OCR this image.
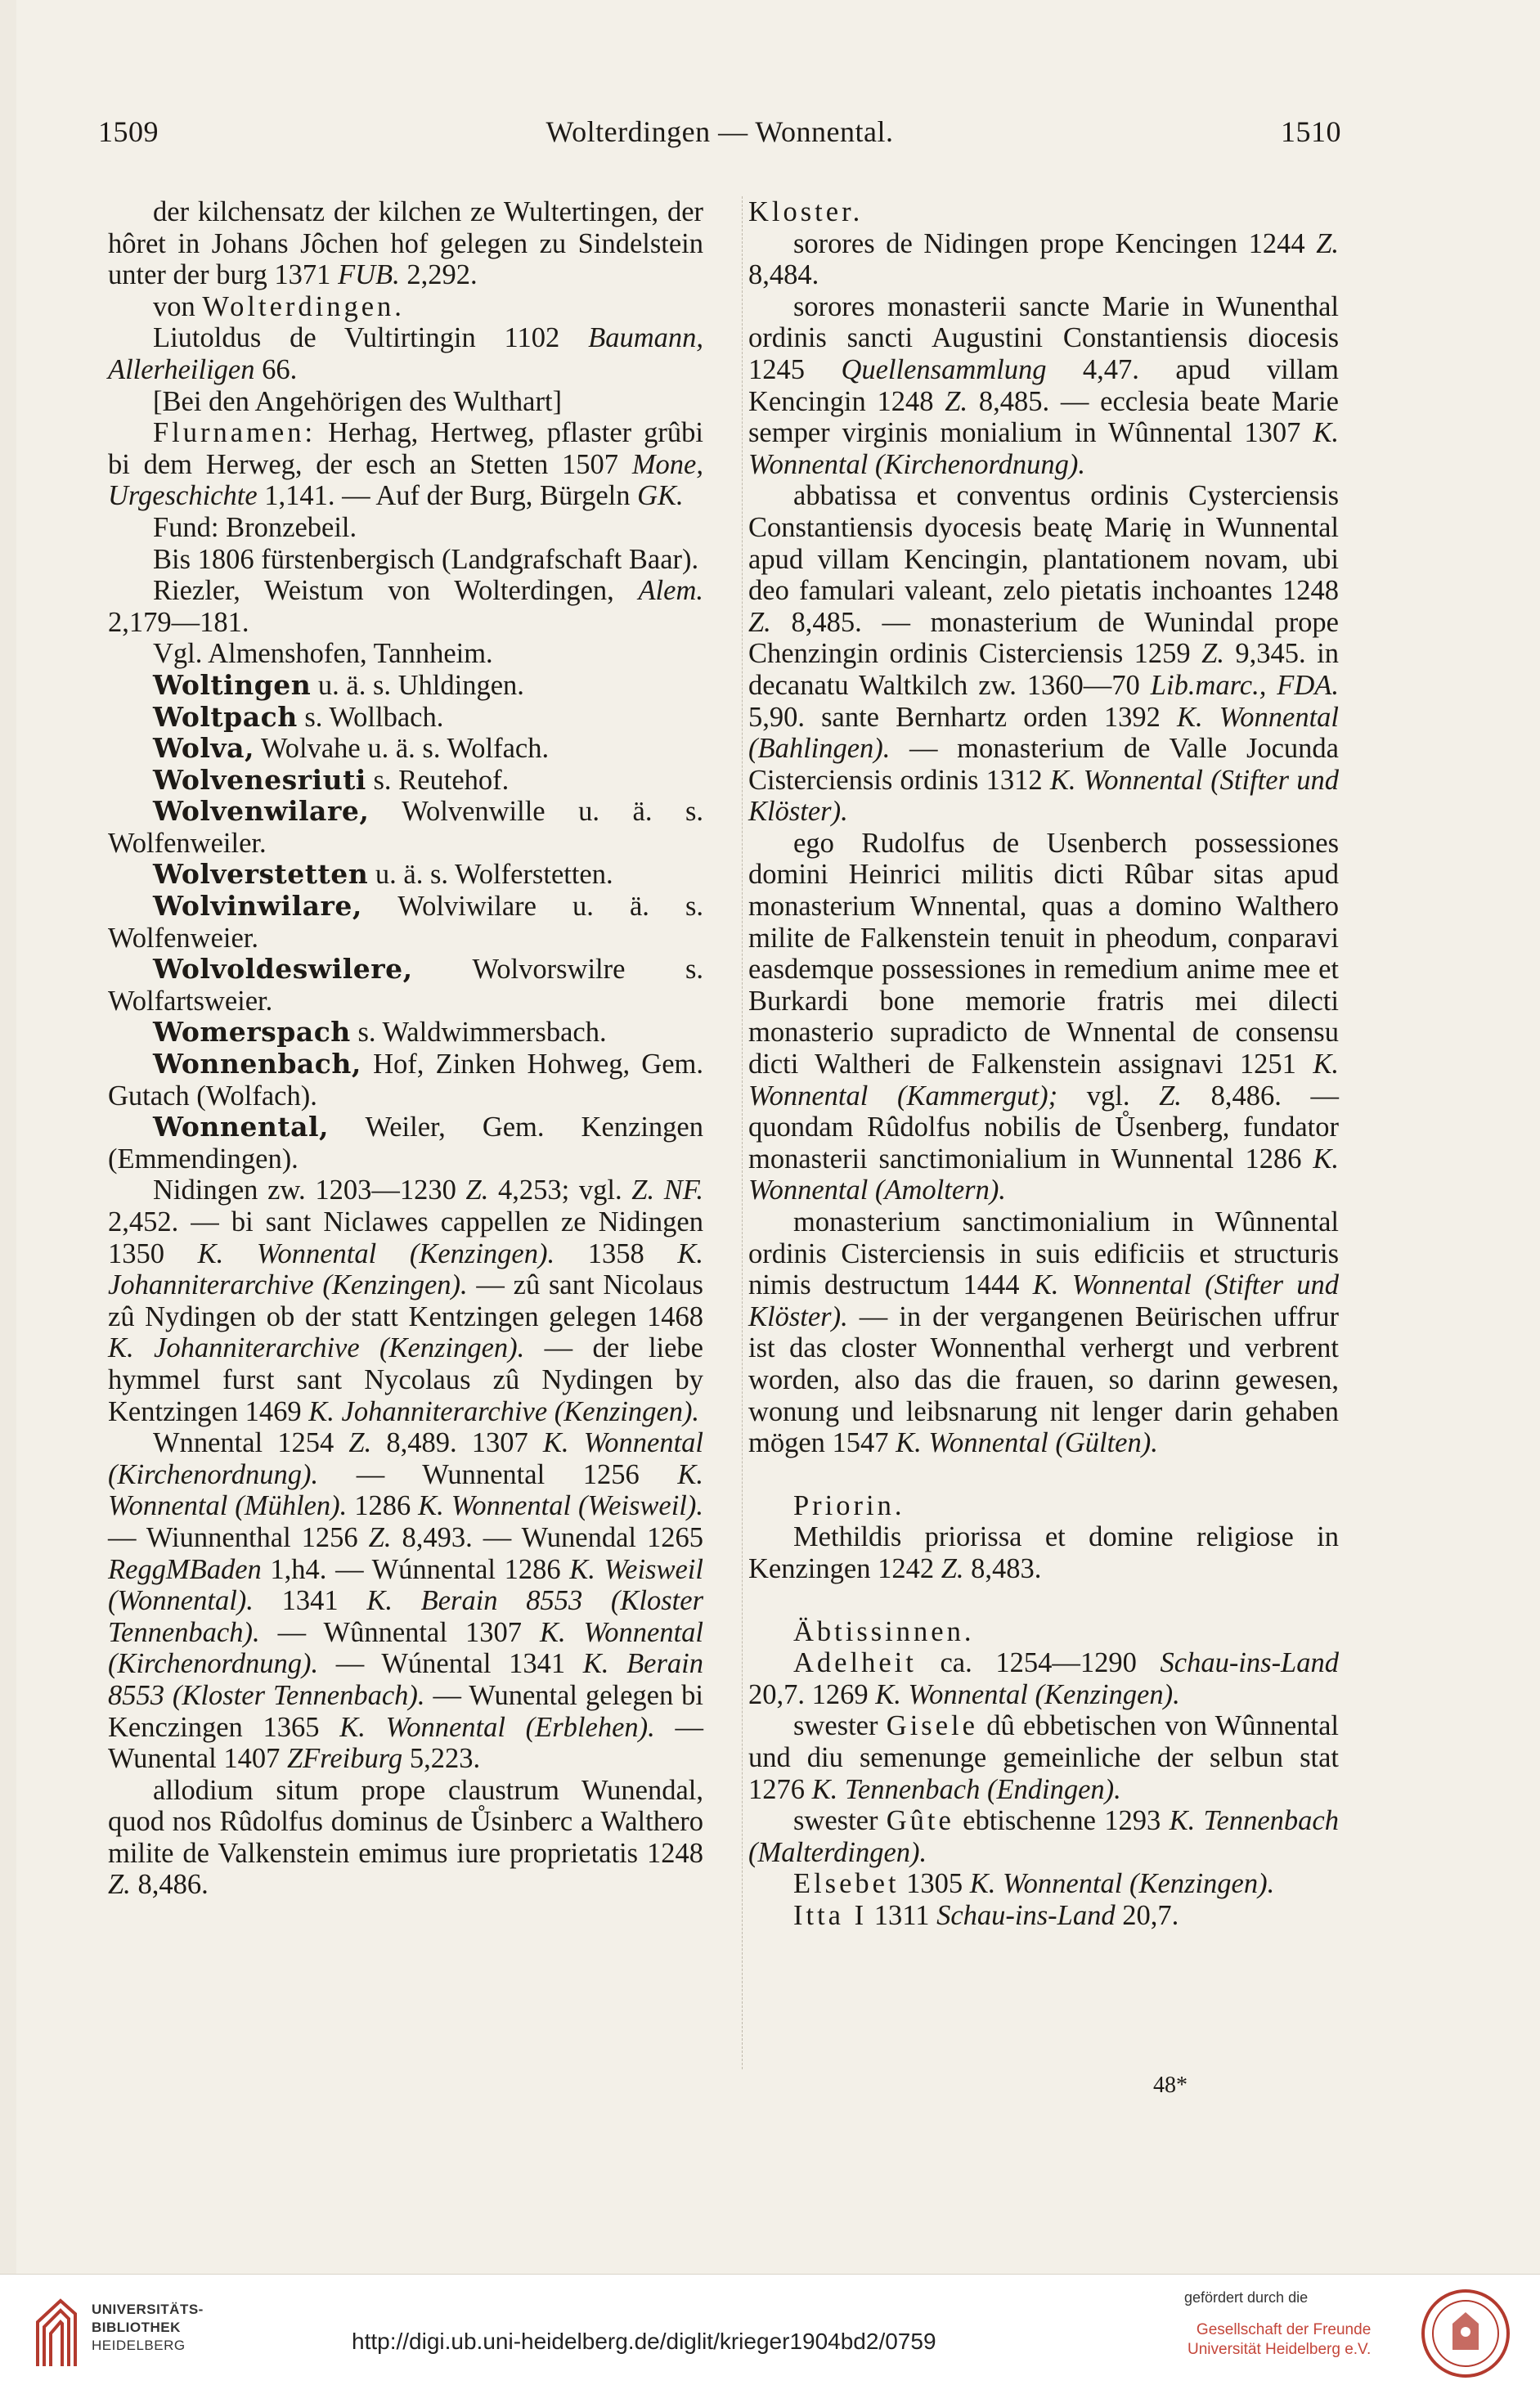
1509	Wolterdingen — Wonnental.	1510

der kilchensatz der kilchen ze Wultertingen, der hôret in Johans Jôchen hof gelegen zu Sindelstein unter der burg 1371 FUB. 2,292.

von Wolterdingen.

Liutoldus de Vultirtingin 1102 Baumann, Allerheiligen 66.

[Bei den Angehörigen des Wulthart]

Flurnamen: Herhag, Hertweg, pflaster grûbi bi dem Herweg, der esch an Stetten 1507 Mone, Urgeschichte 1,141. — Auf der Burg, Bürgeln GK.

Fund: Bronzebeil.

Bis 1806 fürstenbergisch (Landgrafschaft Baar).

Riezler, Weistum von Wolterdingen, Alem. 2,179—181.

Vgl. Almenshofen, Tannheim.

Woltingen u. ä. s. Uhldingen.

Woltpach s. Wollbach.

Wolva, Wolvahe u. ä. s. Wolfach.

Wolvenesriuti s. Reutehof.

Wolvenwilare, Wolvenwille u. ä. s. Wolfenweiler.

Wolverstetten u. ä. s. Wolferstetten.

Wolvinwilare, Wolviwilare u. ä. s. Wolfenweier.

Wolvoldeswilere, Wolvorswilre s. Wolfartsweier.

Womerspach s. Waldwimmersbach.

Wonnenbach, Hof, Zinken Hohweg, Gem. Gutach (Wolfach).

Wonnental, Weiler, Gem. Kenzingen (Emmendingen).

Nidingen zw. 1203—1230 Z. 4,253; vgl. Z. NF. 2,452. — bi sant Niclawes cappellen ze Nidingen 1350 K. Wonnental (Kenzingen). 1358 K. Johanniterarchive (Kenzingen). — zû sant Nicolaus zû Nydingen ob der statt Kentzingen gelegen 1468 K. Johanniterarchive (Kenzingen). — der liebe hymmel furst sant Nycolaus zû Nydingen by Kentzingen 1469 K. Johanniterarchive (Kenzingen).

Wnnental 1254 Z. 8,489. 1307 K. Wonnental (Kirchenordnung). — Wunnental 1256 K. Wonnental (Mühlen). 1286 K. Wonnental (Weisweil). — Wiunnenthal 1256 Z. 8,493. — Wunendal 1265 ReggMBaden 1,h4. — Wúnnental 1286 K. Weisweil (Wonnental). 1341 K. Berain 8553 (Kloster Tennenbach). — Wûnnental 1307 K. Wonnental (Kirchenordnung). — Wúnental 1341 K. Berain 8553 (Kloster Tennenbach). — Wunental gelegen bi Kenczingen 1365 K. Wonnental (Erblehen). — Wunental 1407 ZFreiburg 5,223.

allodium situm prope claustrum Wunendal, quod nos Rûdolfus dominus de Ůsinberc a Walthero milite de Valkenstein emimus iure proprietatis 1248 Z. 8,486.

Kloster.

sorores de Nidingen prope Kencingen 1244 Z. 8,484.

sorores monasterii sancte Marie in Wunenthal ordinis sancti Augustini Constantiensis diocesis 1245 Quellensammlung 4,47. apud villam Kencingin 1248 Z. 8,485. — ecclesia beate Marie semper virginis monialium in Wûnnental 1307 K. Wonnental (Kirchenordnung).

abbatissa et conventus ordinis Cysterciensis Constantiensis dyocesis beatę Marię in Wunnental apud villam Kencingin, plantationem novam, ubi deo famulari valeant, zelo pietatis inchoantes 1248 Z. 8,485. — monasterium de Wunindal prope Chenzingin ordinis Cisterciensis 1259 Z. 9,345. in decanatu Waltkilch zw. 1360—70 Lib.marc., FDA. 5,90. sante Bernhartz orden 1392 K. Wonnental (Bahlingen). — monasterium de Valle Jocunda Cisterciensis ordinis 1312 K. Wonnental (Stifter und Klöster).

ego Rudolfus de Usenberch possessiones domini Heinrici militis dicti Rûbar sitas apud monasterium Wnnental, quas a domino Walthero milite de Falkenstein tenuit in pheodum, conparavi easdemque possessiones in remedium anime mee et Burkardi bone memorie fratris mei dilecti monasterio supradicto de Wnnental de consensu dicti Waltheri de Falkenstein assignavi 1251 K. Wonnental (Kammergut); vgl. Z. 8,486. — quondam Rûdolfus nobilis de Ůsenberg, fundator monasterii sanctimonialium in Wunnental 1286 K. Wonnental (Amoltern).

monasterium sanctimonialium in Wûnnental ordinis Cisterciensis in suis edificiis et structuris nimis destructum 1444 K. Wonnental (Stifter und Klöster). — in der vergangenen Beürischen uffrur ist das closter Wonnenthal verhergt und verbrent worden, also das die frauen, so darinn gewesen, wonung und leibsnarung nit lenger darin gehaben mögen 1547 K. Wonnental (Gülten).

Priorin.

Methildis priorissa et domine religiose in Kenzingen 1242 Z. 8,483.

Äbtissinnen.

Adelheit ca. 1254—1290 Schau-ins-Land 20,7. 1269 K. Wonnental (Kenzingen).

swester Gisele dû ebbetischen von Wûnnental und diu semenunge gemeinliche der selbun stat 1276 K. Tennenbach (Endingen).

swester Gûte ebtischenne 1293 K. Tennenbach (Malterdingen).

Elsebet 1305 K. Wonnental (Kenzingen).

Itta I 1311 Schau-ins-Land 20,7.

48*
UNIVERSITÄTS-
BIBLIOTHEK
HEIDELBERG	http://digi.ub.uni-heidelberg.de/diglit/krieger1904bd2/0759
gefördert durch die
Gesellschaft der Freunde
Universität Heidelberg e.V.
